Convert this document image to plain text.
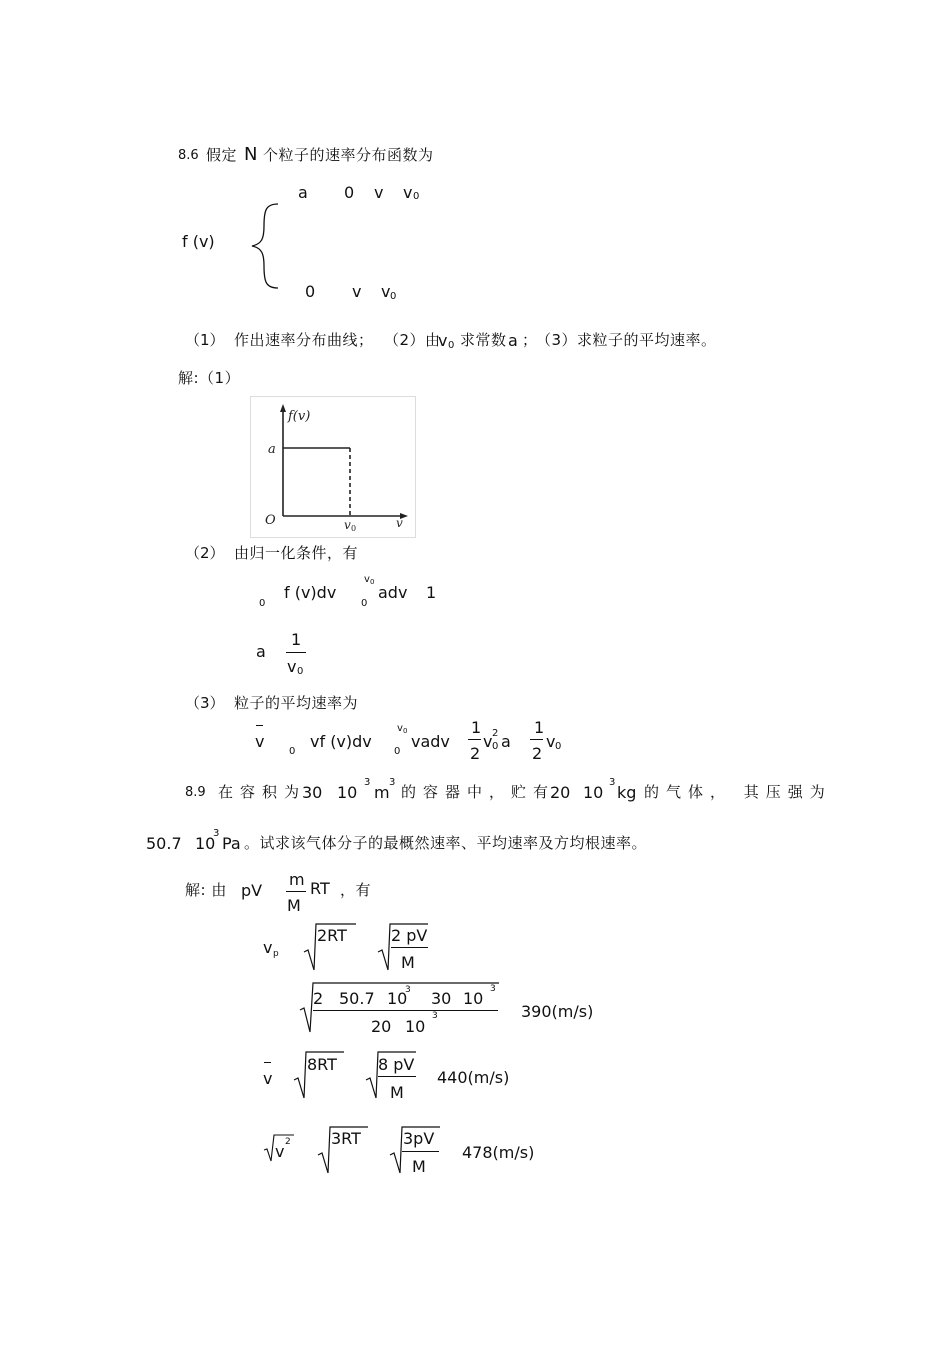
8.6 假定 N 个粒子的速率分布函数为
a 0 v v 0
f (v)
0 v v 0
（1） 作出速率分布曲线； （2）由
v 0 求常数 a ；
（3）求粒子的平均速率。
解:（1）
f(v)
a
O	v 0	v
（2） 由归一化条件，有
0
f (v)dv
v 0
0
adv 1
a
1
v 0
（3） 粒子的平均速率为
v
0
vf (v)dv
v 0
0
vadv
1
2
v 2
0 a
1
2
v 0
8.9 在容积为
30 10
3
m
3
的容器中，贮有
20 10
3
kg 的气体， 其压强为
50.7 10
3
Pa 。试求该气体分子的最概然速率、平均速率及方均根速率。
解: 由 pV
m
M
RT ，有
v p
2RT	2 pV
M
2 50.7 10
3 30 10 3
20 10
3	390(m/s)
v
8RT	8 pV
M
440(m/s)
v 2	3RT	3pV
M
478(m/s)
